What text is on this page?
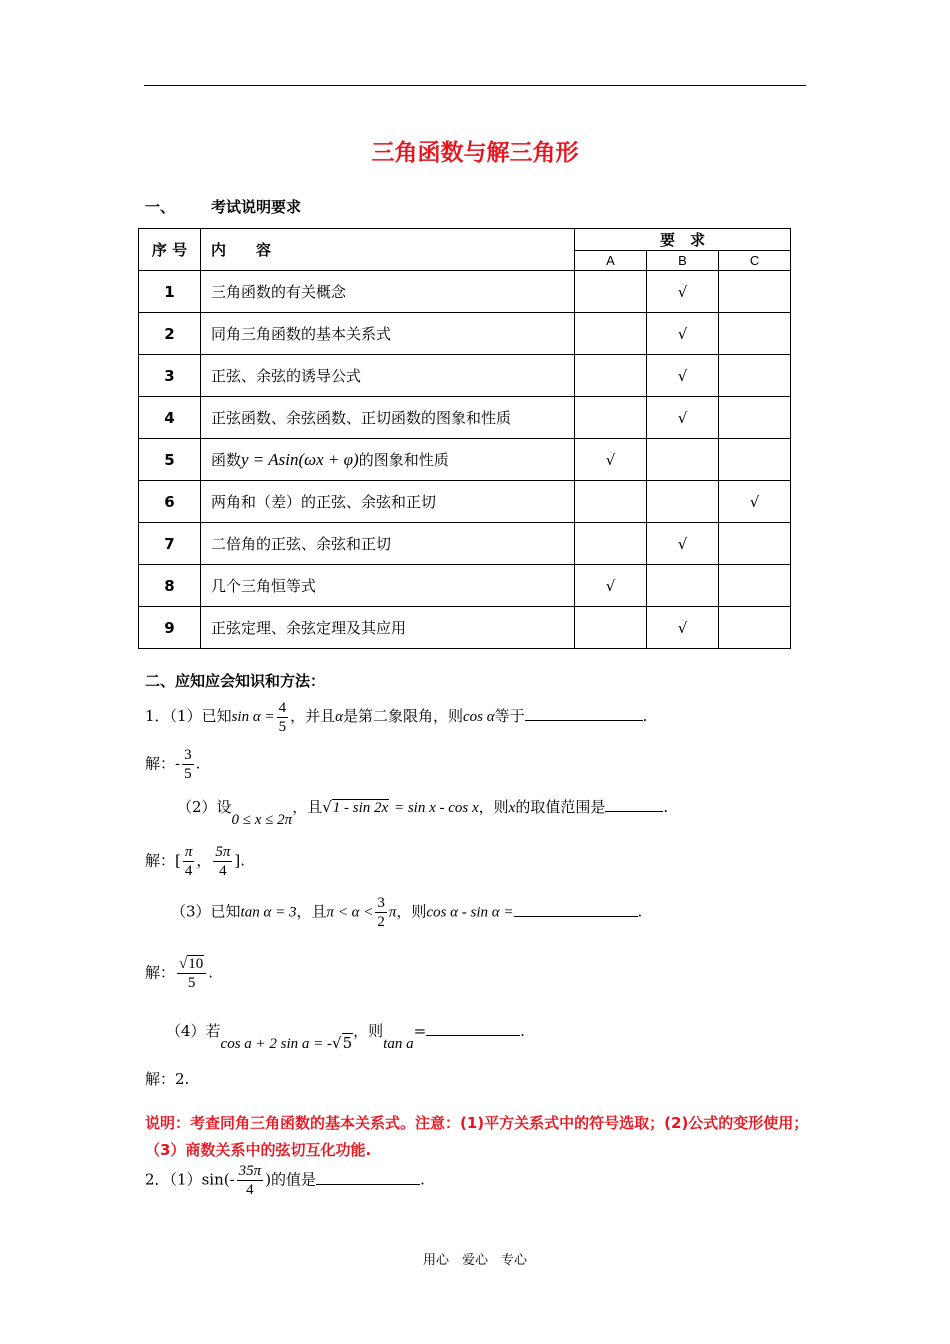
三角函数与解三角形
一、 考试说明要求
序 号	内　　容	要　求		
		A	B	C
1	三角函数的有关概念		√	
2	同角三角函数的基本关系式		√	
3	正弦、余弦的诱导公式		√	
4	正弦函数、余弦函数、正切函数的图象和性质		√	
5	函数y = Asin(ωx + φ)的图象和性质	√		
6	两角和（差）的正弦、余弦和正切			√
7	二倍角的正弦、余弦和正切		√	
8	几个三角恒等式	√		
9	正弦定理、余弦定理及其应用		√	
二、应知应会知识和方法：
1．（1）已知$\sin \alpha = \frac{4}{5}$ ，并且α是第二象限角，则cos α等于	.
解：- $\frac{3}{5}$ .
（2）设0 ≤ x ≤ 2π，且√1 - sin 2x = sin x - cos x，则x的取值范围是	.
解：[ $\frac{\pi}{4}$ ， $\frac{5\pi}{4}$ ].
（3）已知tan α = 3，且$\pi < \alpha < \frac{3}{2}$ π，则cos α - sin α =	.
解： $\frac{√10}{5}$ .
（4）若cos a + 2 sin a = -√5，则tan a=	.
解：2.
说明：考查同角三角函数的基本关系式。注意：(1)平方关系式中的符号选取；(2)公式的变形使用；（3）商数关系中的弦切互化功能.
2．$(1)\sin(- \frac{35\pi}{4}$ )的值是	.
用心　爱心　专心
